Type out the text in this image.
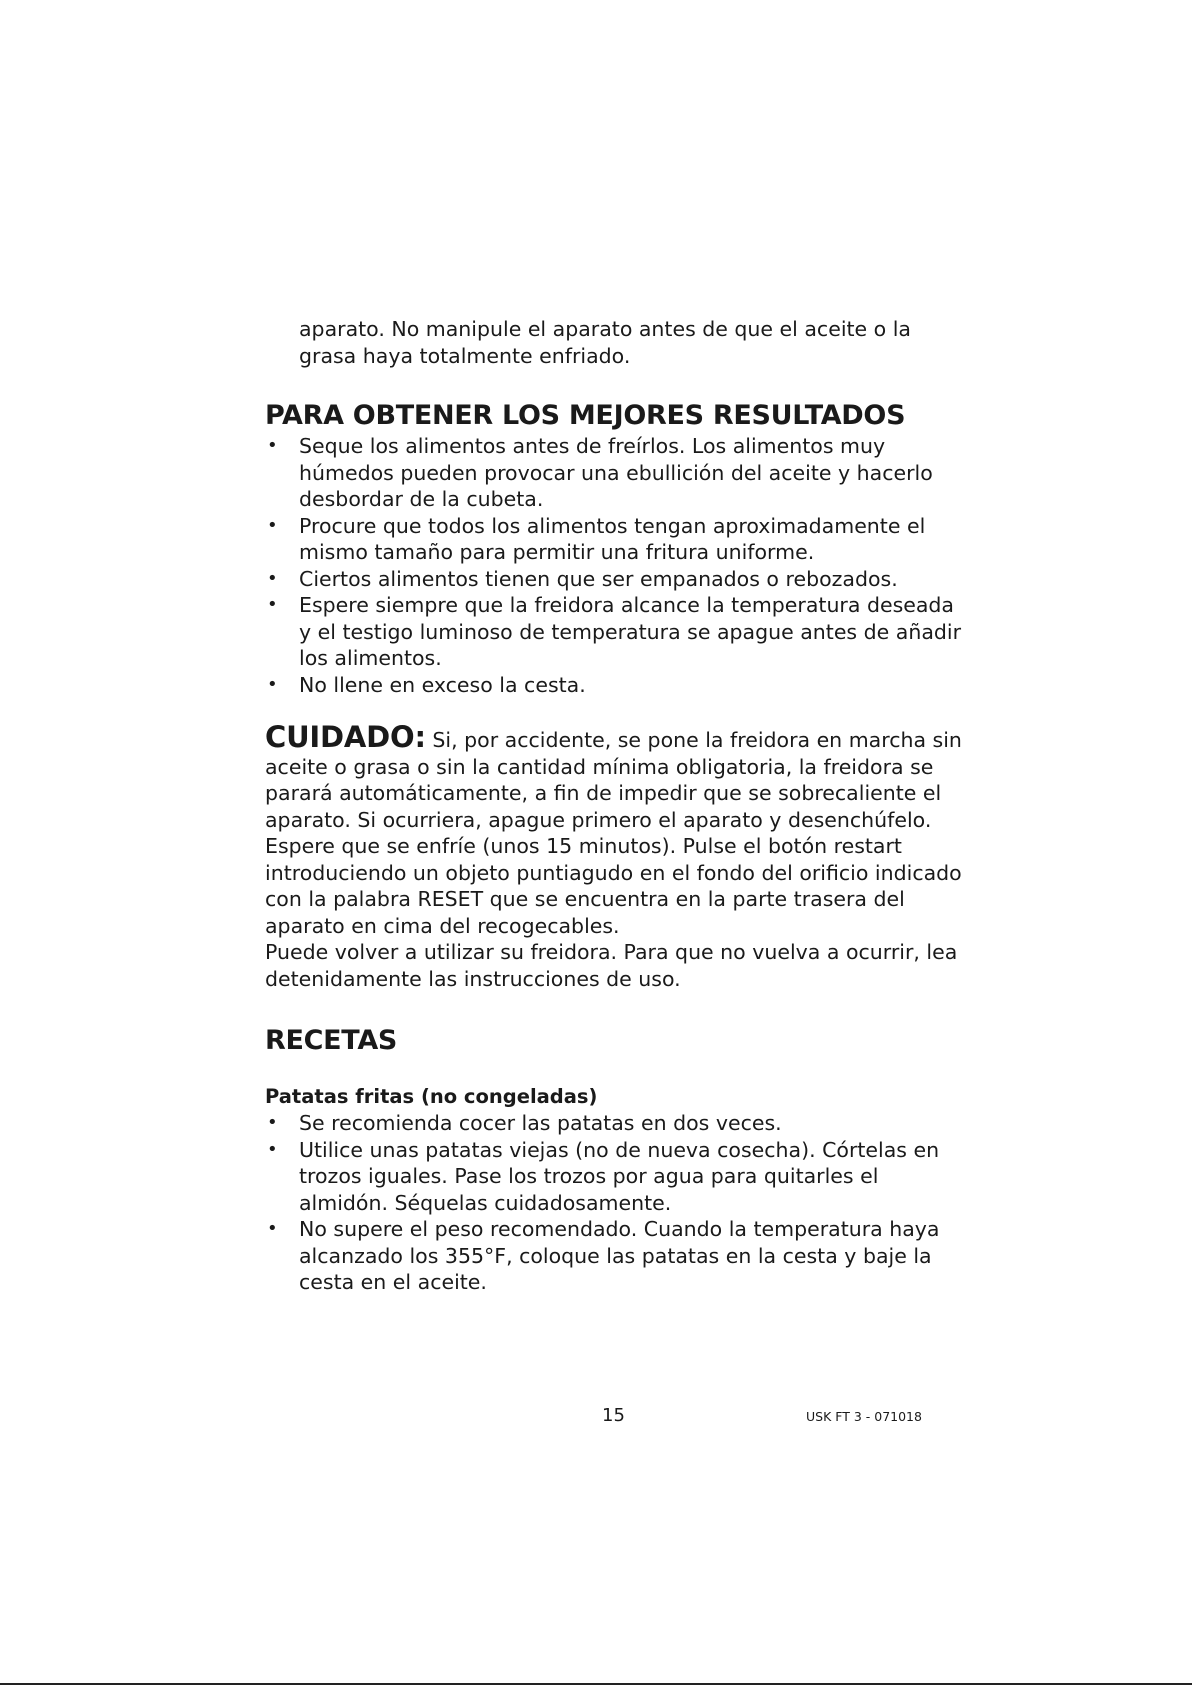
aparato. No manipule el aparato antes de que el aceite o la grasa haya totalmente enfriado.

PARA OBTENER LOS MEJORES RESULTADOS
• Seque los alimentos antes de freírlos. Los alimentos muy húmedos pueden provocar una ebullición del aceite y hacerlo desbordar de la cubeta.
• Procure que todos los alimentos tengan aproximadamente el mismo tamaño para permitir una fritura uniforme.
• Ciertos alimentos tienen que ser empanados o rebozados.
• Espere siempre que la freidora alcance la temperatura deseada y el testigo luminoso de temperatura se apague antes de añadir los alimentos.
• No llene en exceso la cesta.

CUIDADO: Si, por accidente, se pone la freidora en marcha sin aceite o grasa o sin la cantidad mínima obligatoria, la freidora se parará automáticamente, a fin de impedir que se sobrecaliente el aparato. Si ocurriera, apague primero el aparato y desenchúfelo. Espere que se enfríe (unos 15 minutos). Pulse el botón restart introduciendo un objeto puntiagudo en el fondo del orificio indicado con la palabra RESET que se encuentra en la parte trasera del aparato en cima del recogecables.

Puede volver a utilizar su freidora. Para que no vuelva a ocurrir, lea detenidamente las instrucciones de uso.

RECETAS

Patatas fritas (no congeladas)

• Se recomienda cocer las patatas en dos veces.
• Utilice unas patatas viejas (no de nueva cosecha). Córtelas en trozos iguales. Pase los trozos por agua para quitarles el almidón. Séquelas cuidadosamente.
• No supere el peso recomendado. Cuando la temperatura haya alcanzado los 355°F, coloque las patatas en la cesta y baje la cesta en el aceite.
15	USK FT 3 - 071018
